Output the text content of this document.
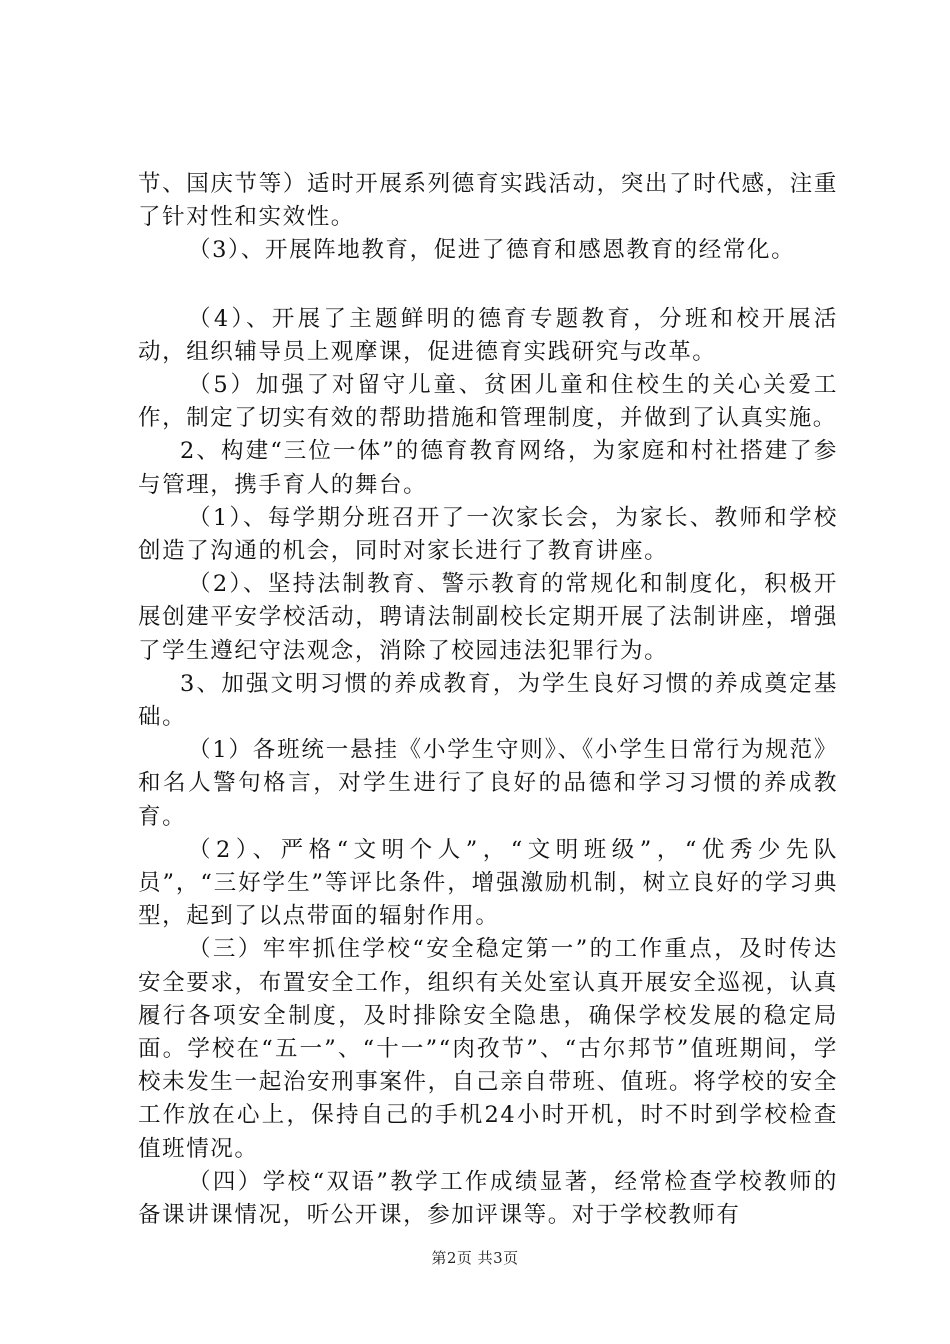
节、国庆节等）适时开展系列德育实践活动，突出了时代感，注重了针对性和实效性。

（3）、开展阵地教育，促进了德育和感恩教育的经常化。

（4）、开展了主题鲜明的德育专题教育，分班和校开展活动，组织辅导员上观摩课，促进德育实践研究与改革。

（5）加强了对留守儿童、贫困儿童和住校生的关心关爱工作，制定了切实有效的帮助措施和管理制度，并做到了认真实施。

2、构建“三位一体”的德育教育网络，为家庭和村社搭建了参与管理，携手育人的舞台。

（1）、每学期分班召开了一次家长会，为家长、教师和学校创造了沟通的机会，同时对家长进行了教育讲座。

（2）、坚持法制教育、警示教育的常规化和制度化，积极开展创建平安学校活动，聘请法制副校长定期开展了法制讲座，增强了学生遵纪守法观念，消除了校园违法犯罪行为。

3、加强文明习惯的养成教育，为学生良好习惯的养成奠定基础。

（1）各班统一悬挂《小学生守则》、《小学生日常行为规范》和名人警句格言，对学生进行了良好的品德和学习习惯的养成教育。

（2）、严格“文明个人”，“文明班级”，“优秀少先队员”，“三好学生”等评比条件，增强激励机制，树立良好的学习典型，起到了以点带面的辐射作用。

（三）牢牢抓住学校“安全稳定第一”的工作重点，及时传达安全要求，布置安全工作，组织有关处室认真开展安全巡视，认真履行各项安全制度，及时排除安全隐患，确保学校发展的稳定局面。学校在“五一”、“十一”“肉孜节”、“古尔邦节”值班期间，学校未发生一起治安刑事案件，自己亲自带班、值班。将学校的安全工作放在心上，保持自己的手机24小时开机，时不时到学校检查值班情况。

（四）学校“双语”教学工作成绩显著，经常检查学校教师的备课讲课情况，听公开课，参加评课等。对于学校教师有

第2页 共3页
